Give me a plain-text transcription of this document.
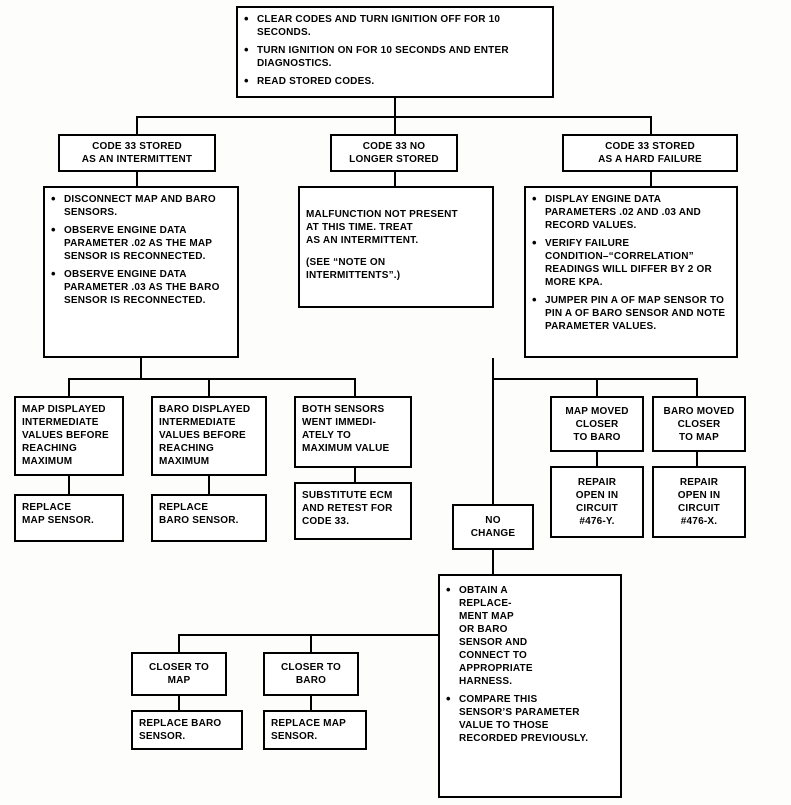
• CLEAR CODES AND TURN IGNITION OFF FOR 10 SECONDS.
• TURN IGNITION ON FOR 10 SECONDS AND ENTER DIAGNOSTICS.
• READ STORED CODES.
CODE 33 STORED
AS AN INTERMITTENT
CODE 33 NO
LONGER STORED
CODE 33 STORED
AS A HARD FAILURE
• DISCONNECT MAP AND BARO SENSORS.
• OBSERVE ENGINE DATA PARAMETER .02 AS THE MAP SENSOR IS RECONNECTED.
• OBSERVE ENGINE DATA PARAMETER .03 AS THE BARO SENSOR IS RECONNECTED.
MALFUNCTION NOT PRESENT
AT THIS TIME. TREAT
AS AN INTERMITTENT.
(SEE “NOTE ON
INTERMITTENTS”.)
• DISPLAY ENGINE DATA PARAMETERS .02 AND .03 AND RECORD VALUES.
• VERIFY FAILURE CONDITION–“CORRELATION” READINGS WILL DIFFER BY 2 OR MORE KPA.
• JUMPER PIN A OF MAP SENSOR TO PIN A OF BARO SENSOR AND NOTE PARAMETER VALUES.
MAP DISPLAYED
INTERMEDIATE
VALUES BEFORE
REACHING
MAXIMUM
BARO DISPLAYED
INTERMEDIATE
VALUES BEFORE
REACHING
MAXIMUM
BOTH SENSORS
WENT IMMEDI-
ATELY TO
MAXIMUM VALUE
REPLACE
MAP SENSOR.
REPLACE
BARO SENSOR.
SUBSTITUTE ECM
AND RETEST FOR
CODE 33.
MAP MOVED
CLOSER
TO BARO
BARO MOVED
CLOSER
TO MAP
REPAIR
OPEN IN
CIRCUIT
#476-Y.
REPAIR
OPEN IN
CIRCUIT
#476-X.
NO
CHANGE
• OBTAIN A
REPLACE-
MENT MAP
OR BARO
SENSOR AND
CONNECT TO
APPROPRIATE
HARNESS.
• COMPARE THIS
SENSOR’S PARAMETER
VALUE TO THOSE
RECORDED PREVIOUSLY.
CLOSER TO
MAP
CLOSER TO
BARO
REPLACE BARO
SENSOR.
REPLACE MAP
SENSOR.
